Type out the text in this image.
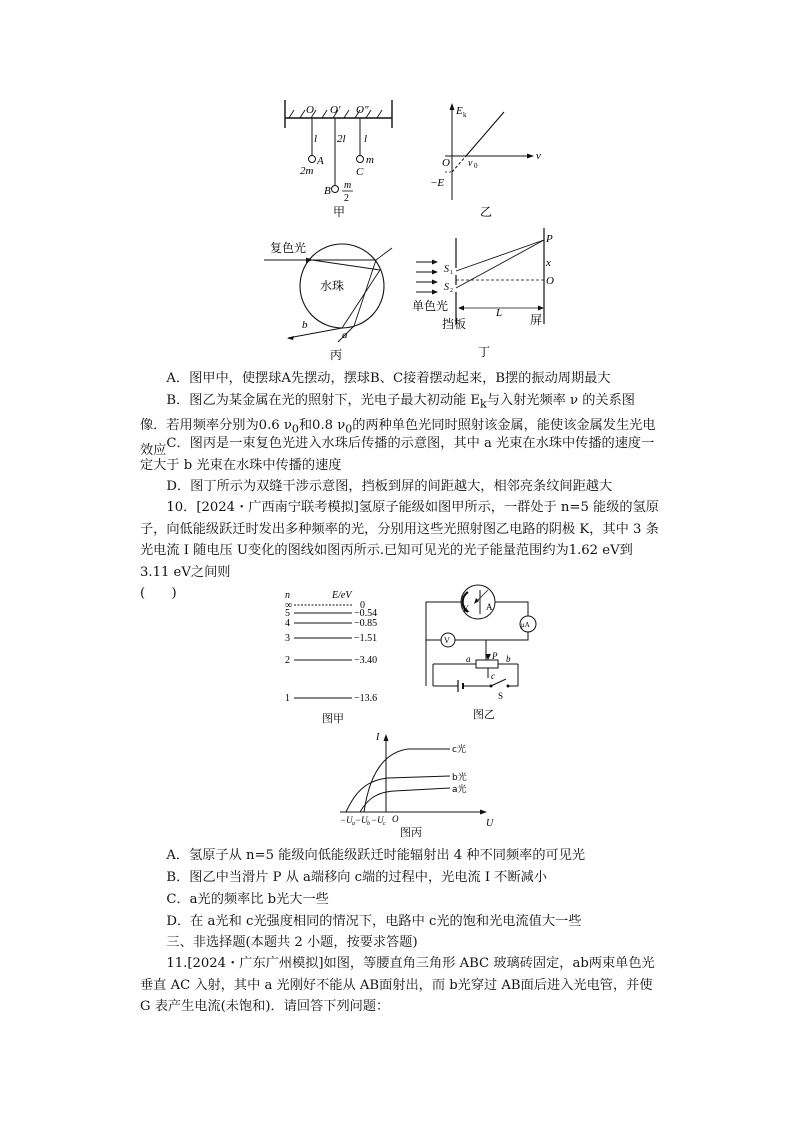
O O′ O″
l 2l l
A
2m
m
C
B m
2
甲
E k
ν
O ν 0
−E
乙
复色光
水珠
b
a
丙
S 1
S 2
P
x
O
单色光	L
挡板	屏
丁
A．图甲中，使摆球A先摆动，摆球B、C接着摆动起来，B摆的振动周期最大
B．图乙为某金属在光的照射下，光电子最大初动能 $E_k$与入射光频率 ν 的关系图像．若用频率分别为0.6 $\nu_0$和0.8 $\nu_0$的两种单色光同时照射该金属，能使该金属发生光电效应 C．图丙是一束复色光进入水珠后传播的示意图，其中 a 光束在水珠中传播的速度一定大于 b 光束在水珠中传播的速度
D．图丁所示为双缝干涉示意图，挡板到屏的间距越大，相邻亮条纹间距越大
10．[2024・广西南宁联考模拟]氢原子能级如图甲所示，一群处于 n=5 能级的氢原子，向低能级跃迁时发出多种频率的光，分别用这些光照射图乙电路的阴极 K，其中 3 条光电流 I 随电压 U变化的图线如图丙所示.已知可见光的光子能量范围约为1.62 eV到3.11 eV之间则
(　　)	n	E/eV
∞	0
5	−0.54
4	−0.85
3	−1.51
2	−3.40
1	−13.6
图甲
K A
μA
V
a P b
c
S
图乙
I
U
O
c光
b光
a光
−U a −U b −U c
图丙
A．氢原子从 n=5 能级向低能级跃迁时能辐射出 4 种不同频率的可见光
B．图乙中当滑片 P 从 a端移向 c端的过程中，光电流 I 不断减小
C．a光的频率比 b光大一些
D．在 a光和 c光强度相同的情况下，电路中 c光的饱和光电流值大一些
三、非选择题(本题共 2 小题，按要求答题)
11.[2024・广东广州模拟]如图，等腰直角三角形 ABC 玻璃砖固定，ab两束单色光垂直 AC 入射，其中 a 光刚好不能从 AB面射出，而 b光穿过 AB面后进入光电管，并使G 表产生电流(未饱和)．请回答下列问题：
